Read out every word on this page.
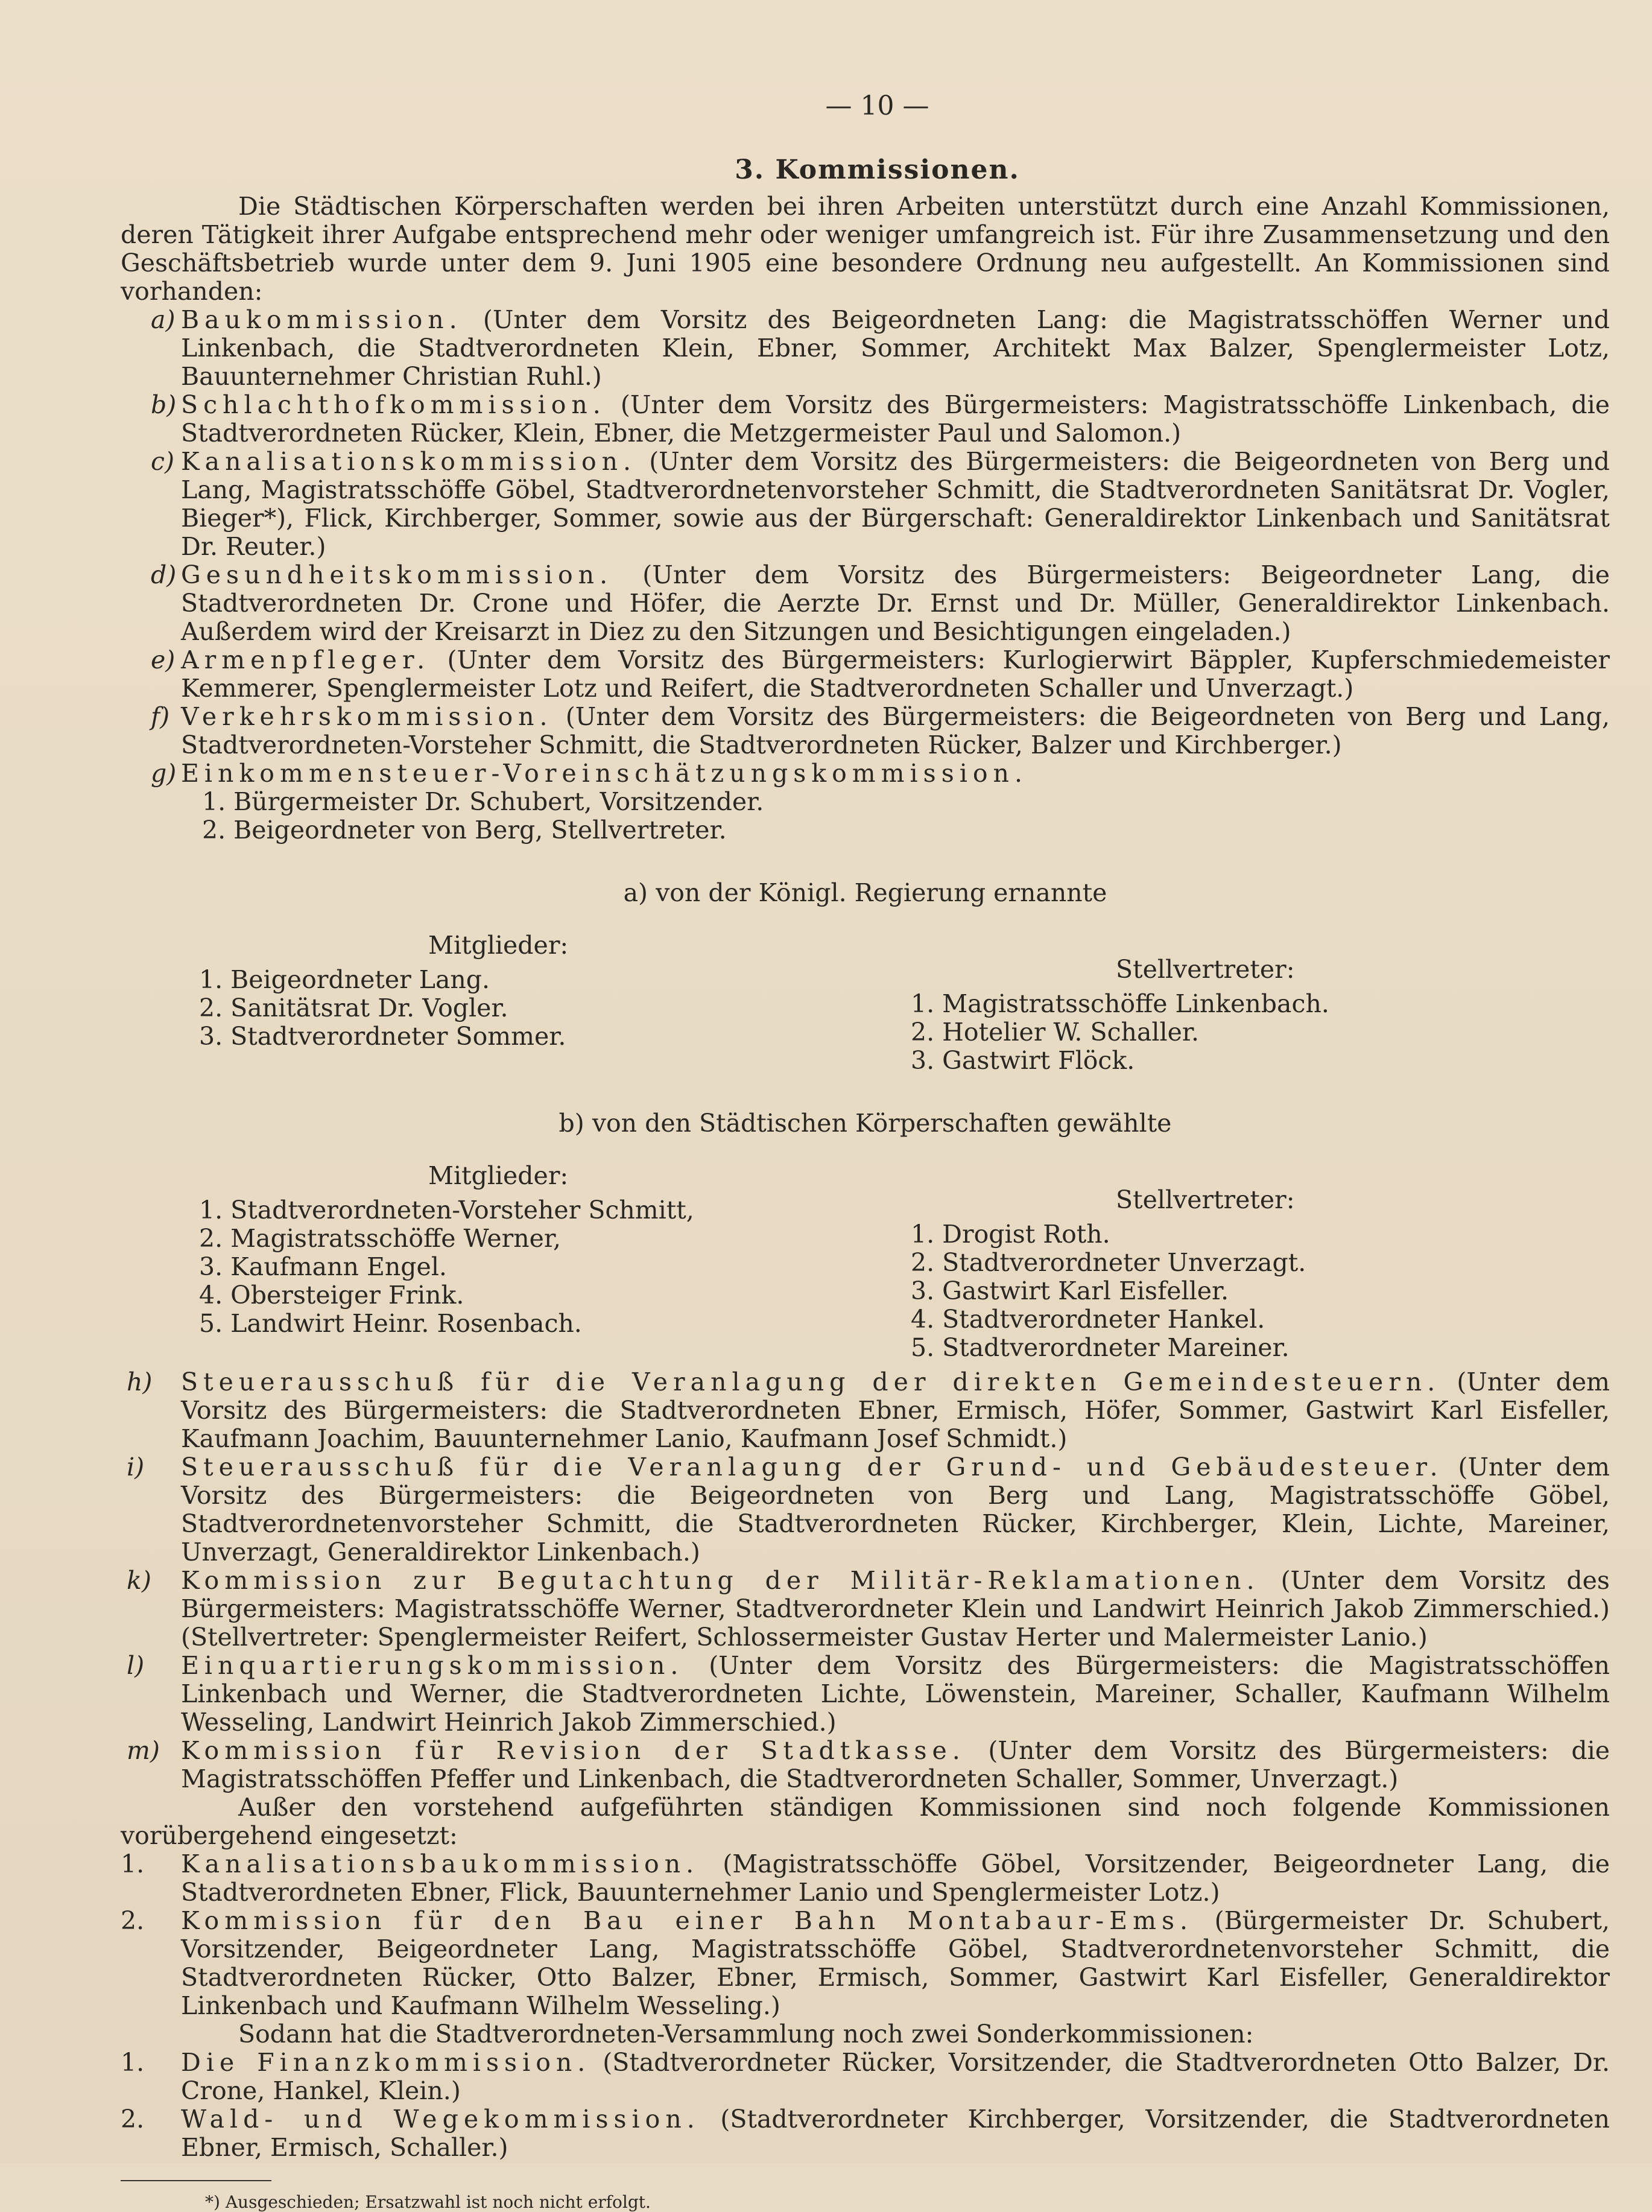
— 10 —
3. Kommissionen.

Die Städtischen Körperschaften werden bei ihren Arbeiten unterstützt durch eine Anzahl Kommissionen, deren Tätigkeit ihrer Aufgabe entsprechend mehr oder weniger umfangreich ist. Für ihre Zusammensetzung und den Geschäftsbetrieb wurde unter dem 9. Juni 1905 eine besondere Ordnung neu aufgestellt. An Kommissionen sind vorhanden:

a) Baukommission. (Unter dem Vorsitz des Beigeordneten Lang: die Magistratsschöffen Werner und Linkenbach, die Stadtverordneten Klein, Ebner, Sommer, Architekt Max Balzer, Spenglermeister Lotz, Bauunternehmer Christian Ruhl.)
b) Schlachthofkommission. (Unter dem Vorsitz des Bürgermeisters: Magistratsschöffe Linkenbach, die Stadtverordneten Rücker, Klein, Ebner, die Metzgermeister Paul und Salomon.)
c) Kanalisationskommission. (Unter dem Vorsitz des Bürgermeisters: die Beigeordneten von Berg und Lang, Magistratsschöffe Göbel, Stadtverordnetenvorsteher Schmitt, die Stadtverordneten Sanitätsrat Dr. Vogler, Bieger*), Flick, Kirchberger, Sommer, sowie aus der Bürgerschaft: Generaldirektor Linkenbach und Sanitätsrat Dr. Reuter.)
d) Gesundheitskommission. (Unter dem Vorsitz des Bürgermeisters: Beigeordneter Lang, die Stadtverordneten Dr. Crone und Höfer, die Aerzte Dr. Ernst und Dr. Müller, Generaldirektor Linkenbach. Außerdem wird der Kreisarzt in Diez zu den Sitzungen und Besichtigungen eingeladen.)
e) Armenpfleger. (Unter dem Vorsitz des Bürgermeisters: Kurlogierwirt Bäppler, Kupferschmiedemeister Kemmerer, Spenglermeister Lotz und Reifert, die Stadtverordneten Schaller und Unverzagt.)
f) Verkehrskommission. (Unter dem Vorsitz des Bürgermeisters: die Beigeordneten von Berg und Lang, Stadtverordneten-Vorsteher Schmitt, die Stadtverordneten Rücker, Balzer und Kirchberger.)
g) Einkommensteuer-Voreinschätzungskommission.
1. Bürgermeister Dr. Schubert, Vorsitzender.
2. Beigeordneter von Berg, Stellvertreter.
a) von der Königl. Regierung ernannte
Mitglieder:
1. Beigeordneter Lang.
2. Sanitätsrat Dr. Vogler.
3. Stadtverordneter Sommer.
Stellvertreter:
1. Magistratsschöffe Linkenbach.
2. Hotelier W. Schaller.
3. Gastwirt Flöck.
b) von den Städtischen Körperschaften gewählte
Mitglieder:
1. Stadtverordneten-Vorsteher Schmitt,
2. Magistratsschöffe Werner,
3. Kaufmann Engel.
4. Obersteiger Frink.
5. Landwirt Heinr. Rosenbach.
Stellvertreter:
1. Drogist Roth.
2. Stadtverordneter Unverzagt.
3. Gastwirt Karl Eisfeller.
4. Stadtverordneter Hankel.
5. Stadtverordneter Mareiner.
h) Steuerausschuß für die Veranlagung der direkten Gemeindesteuern. (Unter dem Vorsitz des Bürgermeisters: die Stadtverordneten Ebner, Ermisch, Höfer, Sommer, Gastwirt Karl Eisfeller, Kaufmann Joachim, Bauunternehmer Lanio, Kaufmann Josef Schmidt.)
i) Steuerausschuß für die Veranlagung der Grund- und Gebäudesteuer. (Unter dem Vorsitz des Bürgermeisters: die Beigeordneten von Berg und Lang, Magistratsschöffe Göbel, Stadtverordnetenvorsteher Schmitt, die Stadtverordneten Rücker, Kirchberger, Klein, Lichte, Mareiner, Unverzagt, Generaldirektor Linkenbach.)
k) Kommission zur Begutachtung der Militär-Reklamationen. (Unter dem Vorsitz des Bürgermeisters: Magistratsschöffe Werner, Stadtverordneter Klein und Landwirt Heinrich Jakob Zimmerschied.) (Stellvertreter: Spenglermeister Reifert, Schlossermeister Gustav Herter und Malermeister Lanio.)
l) Einquartierungskommission. (Unter dem Vorsitz des Bürgermeisters: die Magistratsschöffen Linkenbach und Werner, die Stadtverordneten Lichte, Löwenstein, Mareiner, Schaller, Kaufmann Wilhelm Wesseling, Landwirt Heinrich Jakob Zimmerschied.)
m) Kommission für Revision der Stadtkasse. (Unter dem Vorsitz des Bürgermeisters: die Magistratsschöffen Pfeffer und Linkenbach, die Stadtverordneten Schaller, Sommer, Unverzagt.)

Außer den vorstehend aufgeführten ständigen Kommissionen sind noch folgende Kommissionen vorübergehend eingesetzt:

1. Kanalisationsbaukommission. (Magistratsschöffe Göbel, Vorsitzender, Beigeordneter Lang, die Stadtverordneten Ebner, Flick, Bauunternehmer Lanio und Spenglermeister Lotz.)
2. Kommission für den Bau einer Bahn Montabaur-Ems. (Bürgermeister Dr. Schubert, Vorsitzender, Beigeordneter Lang, Magistratsschöffe Göbel, Stadtverordnetenvorsteher Schmitt, die Stadtverordneten Rücker, Otto Balzer, Ebner, Ermisch, Sommer, Gastwirt Karl Eisfeller, Generaldirektor Linkenbach und Kaufmann Wilhelm Wesseling.)

Sodann hat die Stadtverordneten-Versammlung noch zwei Sonderkommissionen:

1. Die Finanzkommission. (Stadtverordneter Rücker, Vorsitzender, die Stadtverordneten Otto Balzer, Dr. Crone, Hankel, Klein.)
2. Wald- und Wegekommission. (Stadtverordneter Kirchberger, Vorsitzender, die Stadtverordneten Ebner, Ermisch, Schaller.)
*) Ausgeschieden; Ersatzwahl ist noch nicht erfolgt.
